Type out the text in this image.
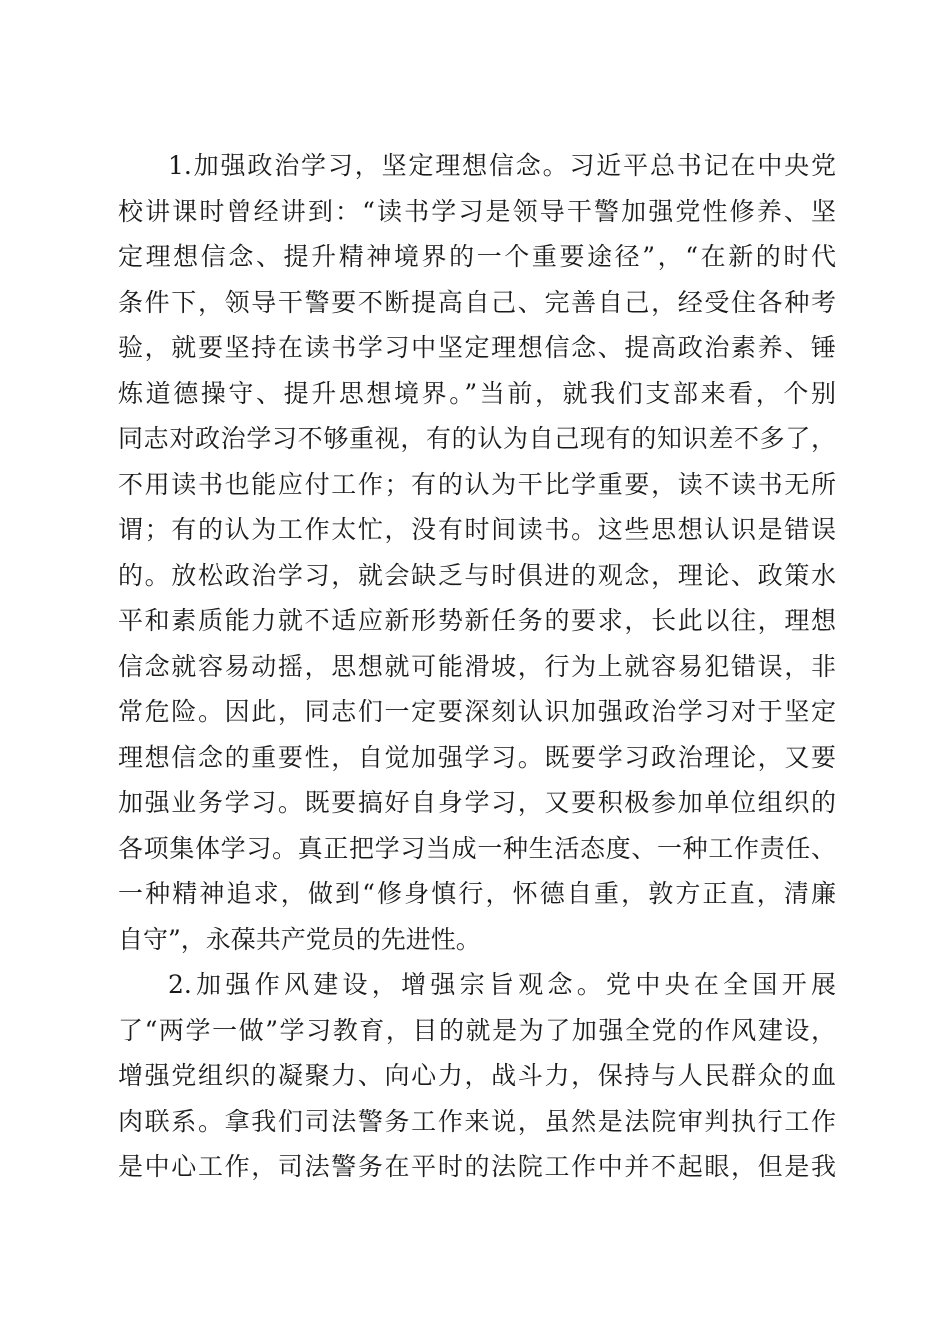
1.加强政治学习，坚定理想信念。习近平总书记在中央党
校讲课时曾经讲到：“读书学习是领导干警加强党性修养、坚
定理想信念、提升精神境界的一个重要途径”，“在新的时代
条件下，领导干警要不断提高自己、完善自己，经受住各种考
验，就要坚持在读书学习中坚定理想信念、提高政治素养、锤
炼道德操守、提升思想境界。”当前，就我们支部来看，个别
同志对政治学习不够重视，有的认为自己现有的知识差不多了，
不用读书也能应付工作；有的认为干比学重要，读不读书无所
谓；有的认为工作太忙，没有时间读书。这些思想认识是错误
的。放松政治学习，就会缺乏与时俱进的观念，理论、政策水
平和素质能力就不适应新形势新任务的要求，长此以往，理想
信念就容易动摇，思想就可能滑坡，行为上就容易犯错误，非
常危险。因此，同志们一定要深刻认识加强政治学习对于坚定
理想信念的重要性，自觉加强学习。既要学习政治理论，又要
加强业务学习。既要搞好自身学习，又要积极参加单位组织的
各项集体学习。真正把学习当成一种生活态度、一种工作责任、
一种精神追求，做到“修身慎行，怀德自重，敦方正直，清廉
自守”，永葆共产党员的先进性。
2.加强作风建设，增强宗旨观念。党中央在全国开展
了“两学一做”学习教育，目的就是为了加强全党的作风建设，
增强党组织的凝聚力、向心力，战斗力，保持与人民群众的血
肉联系。拿我们司法警务工作来说，虽然是法院审判执行工作
是中心工作，司法警务在平时的法院工作中并不起眼，但是我
